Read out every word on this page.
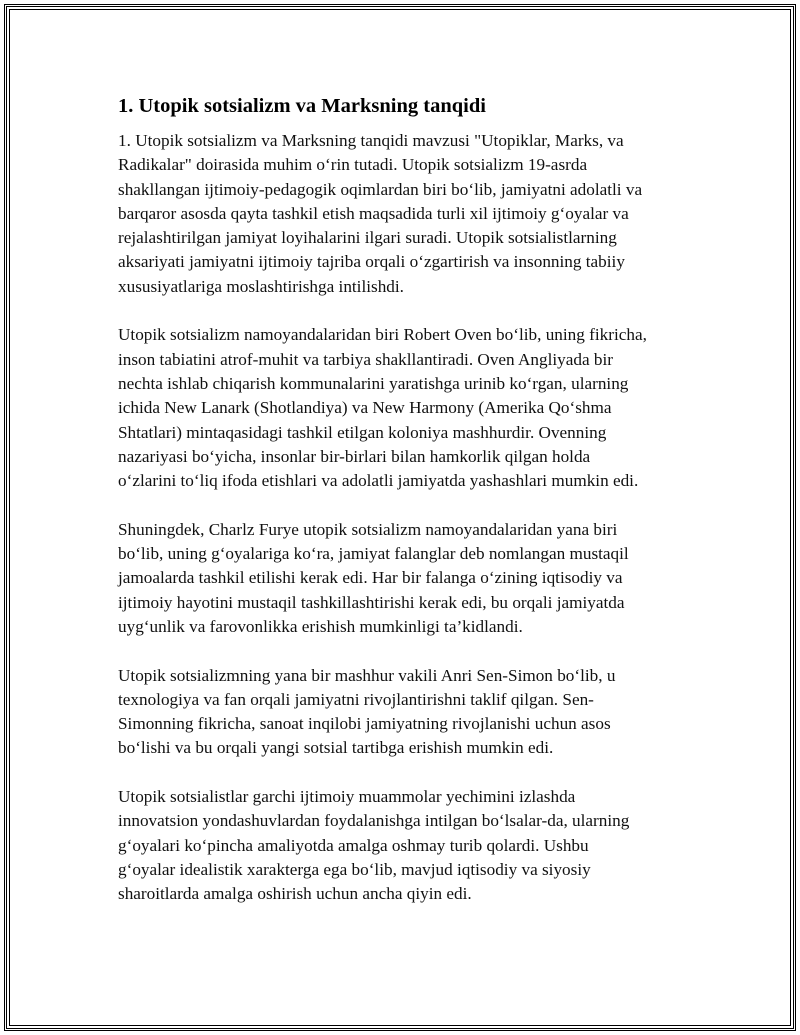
1. Utopik sotsializm va Marksning tanqidi

1. Utopik sotsializm va Marksning tanqidi mavzusi "Utopiklar, Marks, va
Radikalar" doirasida muhim o‘rin tutadi. Utopik sotsializm 19-asrda
shakllangan ijtimoiy-pedagogik oqimlardan biri bo‘lib, jamiyatni adolatli va
barqaror asosda qayta tashkil etish maqsadida turli xil ijtimoiy g‘oyalar va
rejalashtirilgan jamiyat loyihalarini ilgari suradi. Utopik sotsialistlarning
aksariyati jamiyatni ijtimoiy tajriba orqali o‘zgartirish va insonning tabiiy
xususiyatlariga moslashtirishga intilishdi.

Utopik sotsializm namoyandalaridan biri Robert Oven bo‘lib, uning fikricha,
inson tabiatini atrof-muhit va tarbiya shakllantiradi. Oven Angliyada bir
nechta ishlab chiqarish kommunalarini yaratishga urinib ko‘rgan, ularning
ichida New Lanark (Shotlandiya) va New Harmony (Amerika Qo‘shma
Shtatlari) mintaqasidagi tashkil etilgan koloniya mashhurdir. Ovenning
nazariyasi bo‘yicha, insonlar bir-birlari bilan hamkorlik qilgan holda
o‘zlarini to‘liq ifoda etishlari va adolatli jamiyatda yashashlari mumkin edi.

Shuningdek, Charlz Furye utopik sotsializm namoyandalaridan yana biri
bo‘lib, uning g‘oyalariga ko‘ra, jamiyat falanglar deb nomlangan mustaqil
jamoalarda tashkil etilishi kerak edi. Har bir falanga o‘zining iqtisodiy va
ijtimoiy hayotini mustaqil tashkillashtirishi kerak edi, bu orqali jamiyatda
uyg‘unlik va farovonlikka erishish mumkinligi ta’kidlandi.

Utopik sotsializmning yana bir mashhur vakili Anri Sen-Simon bo‘lib, u
texnologiya va fan orqali jamiyatni rivojlantirishni taklif qilgan. Sen-
Simonning fikricha, sanoat inqilobi jamiyatning rivojlanishi uchun asos
bo‘lishi va bu orqali yangi sotsial tartibga erishish mumkin edi.

Utopik sotsialistlar garchi ijtimoiy muammolar yechimini izlashda
innovatsion yondashuvlardan foydalanishga intilgan bo‘lsalar-da, ularning
g‘oyalari ko‘pincha amaliyotda amalga oshmay turib qolardi. Ushbu
g‘oyalar idealistik xarakterga ega bo‘lib, mavjud iqtisodiy va siyosiy
sharoitlarda amalga oshirish uchun ancha qiyin edi.
